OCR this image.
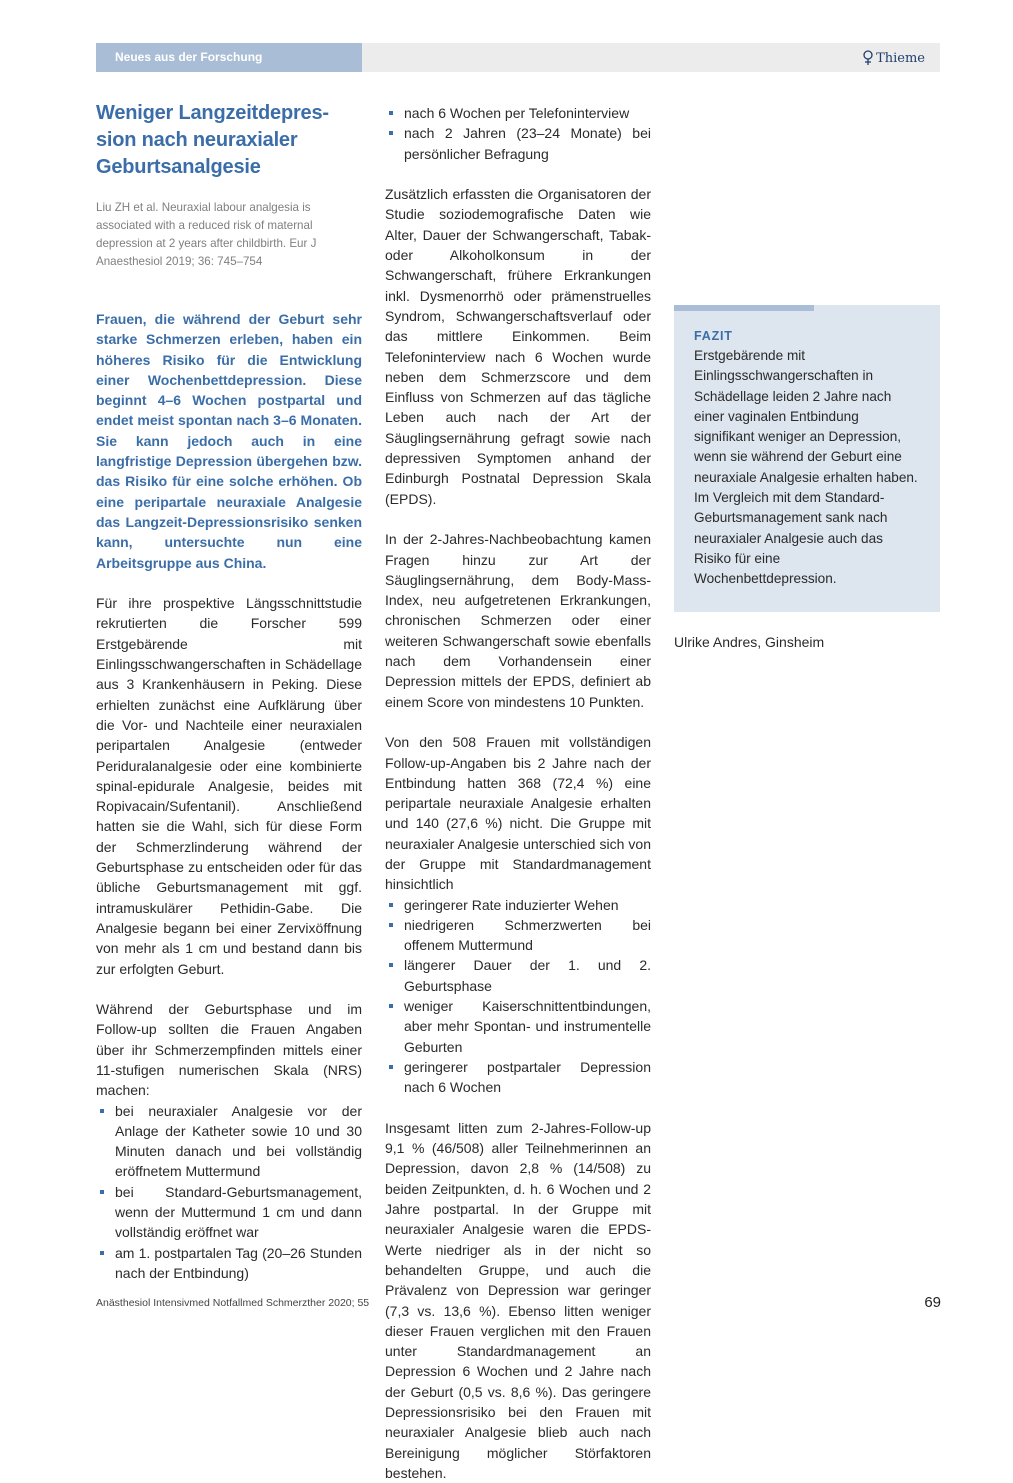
Neues aus der Forschung	Thieme
Weniger Langzeitdepres-sion nach neuraxialer Geburtsanalgesie

Liu ZH et al. Neuraxial labour analgesia is associated with a reduced risk of maternal depression at 2 years after childbirth. Eur J Anaesthesiol 2019; 36: 745–754

Frauen, die während der Geburt sehr starke Schmerzen erleben, haben ein höheres Risiko für die Entwicklung einer Wochenbettdepression. Diese beginnt 4–6 Wochen postpartal und endet meist spontan nach 3–6 Monaten. Sie kann jedoch auch in eine langfristige Depression übergehen bzw. das Risiko für eine solche erhöhen. Ob eine peripartale neuraxiale Analgesie das Langzeit-Depressionsrisiko senken kann, untersuchte nun eine Arbeitsgruppe aus China.

Für ihre prospektive Längsschnittstudie rekrutierten die Forscher 599 Erstgebärende mit Einlingsschwangerschaften in Schädellage aus 3 Krankenhäusern in Peking. Diese erhielten zunächst eine Aufklärung über die Vor- und Nachteile einer neuraxialen peripartalen Analgesie (entweder Periduralanalgesie oder eine kombinierte spinal-epidurale Analgesie, beides mit Ropivacain/Sufentanil). Anschließend hatten sie die Wahl, sich für diese Form der Schmerzlinderung während der Geburtsphase zu entscheiden oder für das übliche Geburtsmanagement mit ggf. intramuskulärer Pethidin-Gabe. Die Analgesie begann bei einer Zervixöffnung von mehr als 1 cm und bestand dann bis zur erfolgten Geburt.

Während der Geburtsphase und im Follow-up sollten die Frauen Angaben über ihr Schmerzempfinden mittels einer 11-stufigen numerischen Skala (NRS) machen:

bei neuraxialer Analgesie vor der Anlage der Katheter sowie 10 und 30 Minuten danach und bei vollständig eröffnetem Muttermund
bei Standard-Geburtsmanagement, wenn der Muttermund 1 cm und dann vollständig eröffnet war
am 1. postpartalen Tag (20–26 Stunden nach der Entbindung)
nach 6 Wochen per Telefoninterview
nach 2 Jahren (23–24 Monate) bei persönlicher Befragung

Zusätzlich erfassten die Organisatoren der Studie soziodemografische Daten wie Alter, Dauer der Schwangerschaft, Tabak- oder Alkoholkonsum in der Schwangerschaft, frühere Erkrankungen inkl. Dysmenorrhö oder prämenstruelles Syndrom, Schwangerschaftsverlauf oder das mittlere Einkommen. Beim Telefoninterview nach 6 Wochen wurde neben dem Schmerzscore und dem Einfluss von Schmerzen auf das tägliche Leben auch nach der Art der Säuglingsernährung gefragt sowie nach depressiven Symptomen anhand der Edinburgh Postnatal Depression Skala (EPDS).

In der 2-Jahres-Nachbeobachtung kamen Fragen hinzu zur Art der Säuglingsernährung, dem Body-Mass-Index, neu aufgetretenen Erkrankungen, chronischen Schmerzen oder einer weiteren Schwangerschaft sowie ebenfalls nach dem Vorhandensein einer Depression mittels der EPDS, definiert ab einem Score von mindestens 10 Punkten.

Von den 508 Frauen mit vollständigen Follow-up-Angaben bis 2 Jahre nach der Entbindung hatten 368 (72,4 %) eine peripartale neuraxiale Analgesie erhalten und 140 (27,6 %) nicht. Die Gruppe mit neuraxialer Analgesie unterschied sich von der Gruppe mit Standardmanagement hinsichtlich

geringerer Rate induzierter Wehen
niedrigeren Schmerzwerten bei offenem Muttermund
längerer Dauer der 1. und 2. Geburtsphase
weniger Kaiserschnittentbindungen, aber mehr Spontan- und instrumentelle Geburten
geringerer postpartaler Depression nach 6 Wochen

Insgesamt litten zum 2-Jahres-Follow-up 9,1 % (46/508) aller Teilnehmerinnen an Depression, davon 2,8 % (14/508) zu beiden Zeitpunkten, d. h. 6 Wochen und 2 Jahre postpartal. In der Gruppe mit neuraxialer Analgesie waren die EPDS-Werte niedriger als in der nicht so behandelten Gruppe, und auch die Prävalenz von Depression war geringer (7,3 vs. 13,6 %). Ebenso litten weniger dieser Frauen verglichen mit den Frauen unter Standardmanagement an Depression 6 Wochen und 2 Jahre nach der Geburt (0,5 vs. 8,6 %). Das geringere Depressionsrisiko bei den Frauen mit neuraxialer Analgesie blieb auch nach Bereinigung möglicher Störfaktoren bestehen.

FAZIT

Erstgebärende mit Einlingsschwangerschaften in Schädellage leiden 2 Jahre nach einer vaginalen Entbindung signifikant weniger an Depression, wenn sie während der Geburt eine neuraxiale Analgesie erhalten haben. Im Vergleich mit dem Standard-Geburtsmanagement sank nach neuraxialer Analgesie auch das Risiko für eine Wochenbettdepression.

Ulrike Andres, Ginsheim
Anästhesiol Intensivmed Notfallmed Schmerzther 2020; 55	69
